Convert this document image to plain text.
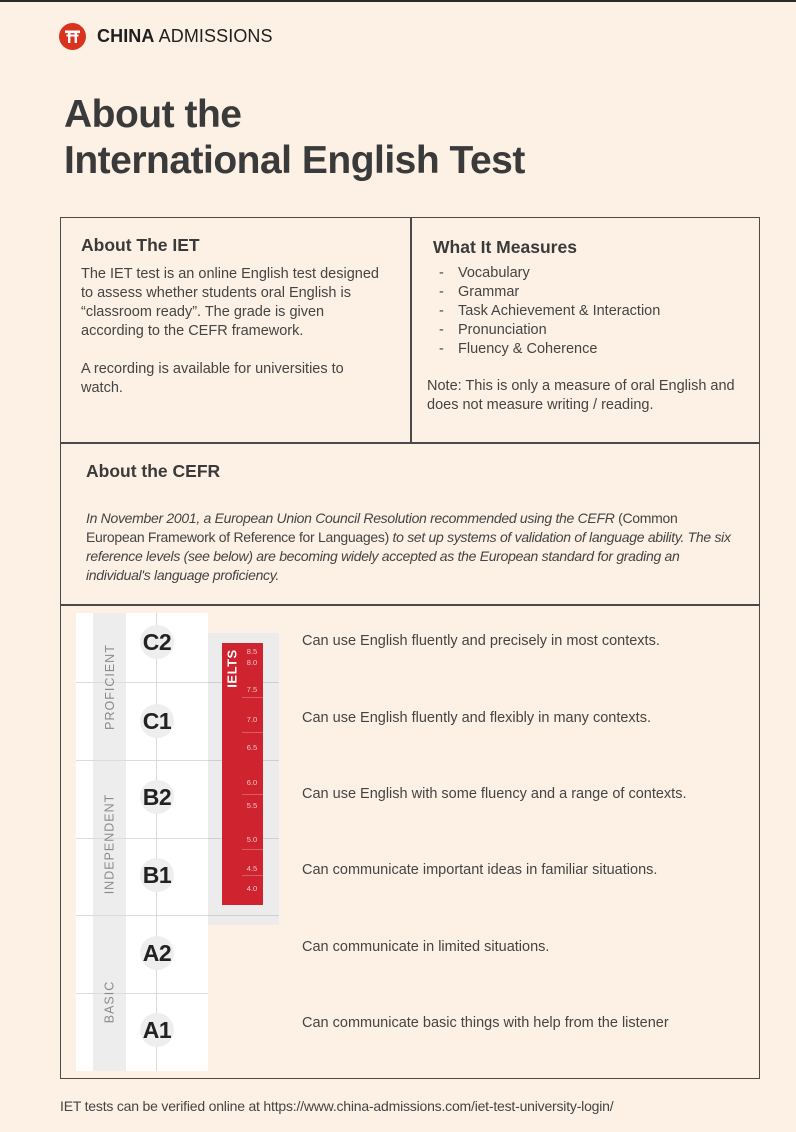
CHINA ADMISSIONS
About the
International English Test
About The IET

The IET test is an online English test designed to assess whether students oral English is “classroom ready”. The grade is given according to the CEFR framework.

A recording is available for universities to watch.

What It Measures
- Vocabulary
- Grammar
- Task Achievement & Interaction
- Pronunciation
- Fluency & Coherence

Note: This is only a measure of oral English and does not measure writing / reading.

About the CEFR

In November 2001, a European Union Council Resolution recommended using the CEFR (Common European Framework of Reference for Languages) to set up systems of validation of language ability. The six reference levels (see below) are becoming widely accepted as the European standard for grading an individual's language proficiency.

PROFICIENT
INDEPENDENT
BASIC
IELTS 8.5
8.0
7.5
7.0
6.5
6.0
5.5
5.0
4.5
4.0
C2
C1
B2
B1
A2
A1
Can use English fluently and precisely in most contexts.
Can use English fluently and flexibly in many contexts.
Can use English with some fluency and a range of contexts.
Can communicate important ideas in familiar situations.
Can communicate in limited situations.
Can communicate basic things with help from the listener
IET tests can be verified online at https://www.china-admissions.com/iet-test-university-login/
